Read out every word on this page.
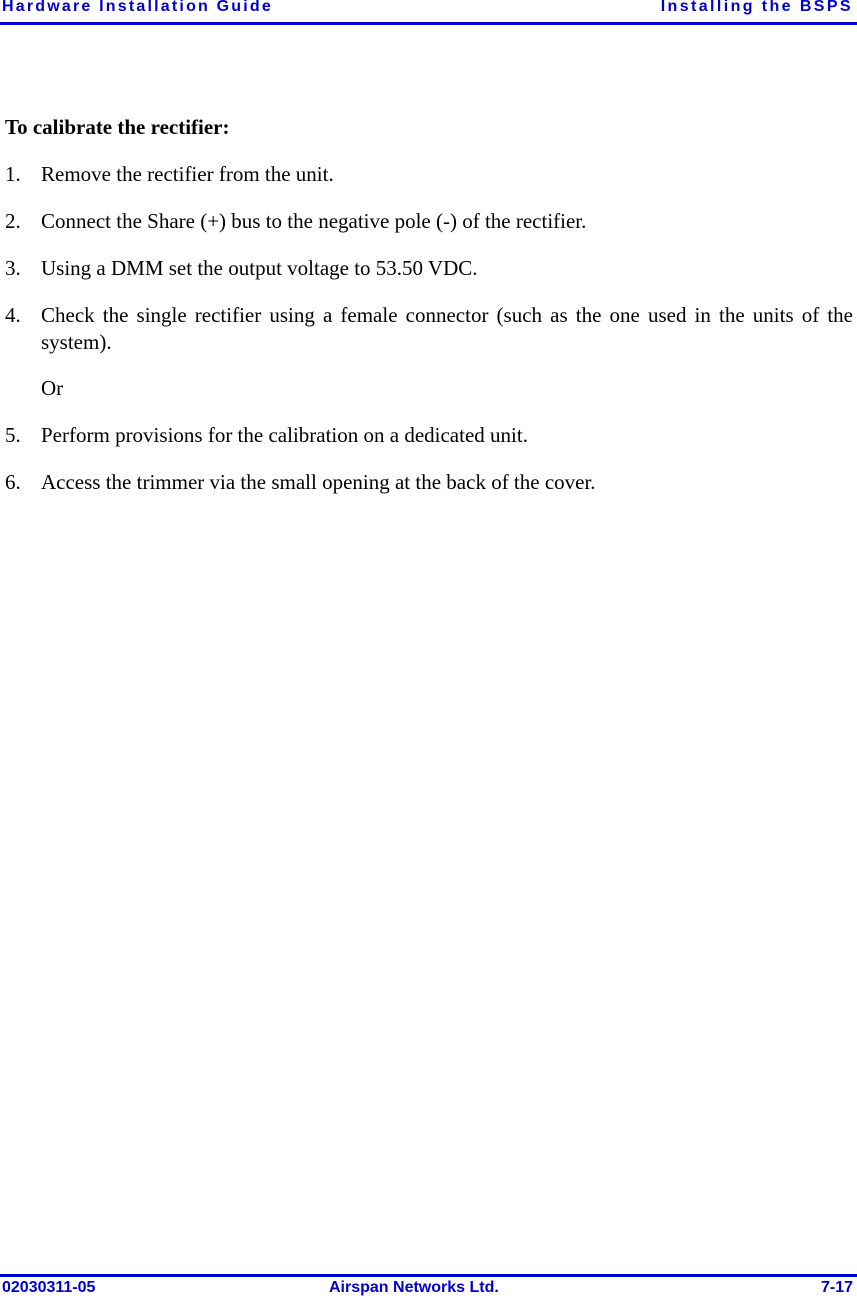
Hardware Installation Guide	Installing the BSPS
To calibrate the rectifier:
1. Remove the rectifier from the unit.
2. Connect the Share (+) bus to the negative pole (-) of the rectifier.
3. Using a DMM set the output voltage to 53.50 VDC.
4. Check the single rectifier using a female connector (such as the one used in the units of the system).
Or
5. Perform provisions for the calibration on a dedicated unit.
6. Access the trimmer via the small opening at the back of the cover.
02030311-05	Airspan Networks Ltd.	7-17
